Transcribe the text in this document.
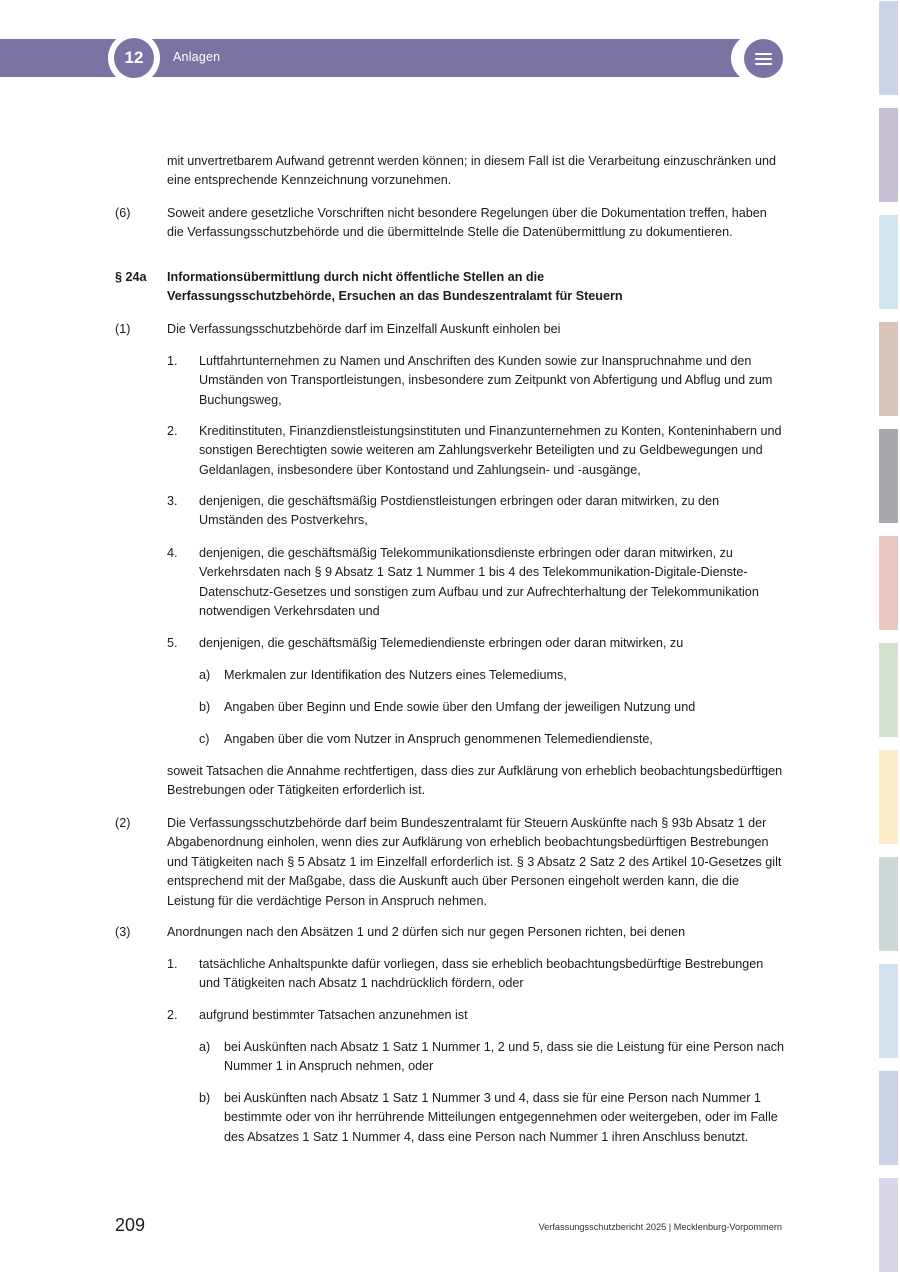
12	Anlagen
mit unvertretbarem Aufwand getrennt werden können; in diesem Fall ist die Verarbeitung einzuschränken und eine entsprechende Kennzeichnung vorzunehmen.
(6)	Soweit andere gesetzliche Vorschriften nicht besondere Regelungen über die Dokumentation treffen, haben die Verfassungsschutzbehörde und die übermittelnde Stelle die Datenübermittlung zu dokumentieren.
§ 24a Informationsübermittlung durch nicht öffentliche Stellen an die Verfassungsschutzbehörde, Ersuchen an das Bundeszentralamt für Steuern
(1)	Die Verfassungsschutzbehörde darf im Einzelfall Auskunft einholen bei
1. Luftfahrtunternehmen zu Namen und Anschriften des Kunden sowie zur Inanspruchnahme und den Umständen von Transportleistungen, insbesondere zum Zeitpunkt von Abfertigung und Abflug und zum Buchungsweg,
2. Kreditinstituten, Finanzdienstleistungsinstituten und Finanzunternehmen zu Konten, Konteninhabern und sonstigen Berechtigten sowie weiteren am Zahlungsverkehr Beteiligten und zu Geldbewegungen und Geldanlagen, insbesondere über Kontostand und Zahlungsein- und -ausgänge,
3. denjenigen, die geschäftsmäßig Postdienstleistungen erbringen oder daran mitwirken, zu den Umständen des Postverkehrs,
4. denjenigen, die geschäftsmäßig Telekommunikationsdienste erbringen oder daran mitwirken, zu Verkehrsdaten nach § 9 Absatz 1 Satz 1 Nummer 1 bis 4 des Telekommunikation-Digitale-Dienste-Datenschutz-Gesetzes und sonstigen zum Aufbau und zur Aufrechterhaltung der Telekommunikation notwendigen Verkehrsdaten und
5. denjenigen, die geschäftsmäßig Telemediendienste erbringen oder daran mitwirken, zu
a) Merkmalen zur Identifikation des Nutzers eines Telemediums,
b) Angaben über Beginn und Ende sowie über den Umfang der jeweiligen Nutzung und
c) Angaben über die vom Nutzer in Anspruch genommenen Telemediendienste,
soweit Tatsachen die Annahme rechtfertigen, dass dies zur Aufklärung von erheblich beobachtungsbedürftigen Bestrebungen oder Tätigkeiten erforderlich ist.
(2)	Die Verfassungsschutzbehörde darf beim Bundeszentralamt für Steuern Auskünfte nach § 93b Absatz 1 der Abgabenordnung einholen, wenn dies zur Aufklärung von erheblich beobachtungsbedürftigen Bestrebungen und Tätigkeiten nach § 5 Absatz 1 im Einzelfall erforderlich ist. § 3 Absatz 2 Satz 2 des Artikel 10-Gesetzes gilt entsprechend mit der Maßgabe, dass die Auskunft auch über Personen eingeholt werden kann, die die Leistung für die verdächtige Person in Anspruch nehmen.
(3)	Anordnungen nach den Absätzen 1 und 2 dürfen sich nur gegen Personen richten, bei denen
1. tatsächliche Anhaltspunkte dafür vorliegen, dass sie erheblich beobachtungsbedürftige Bestrebungen und Tätigkeiten nach Absatz 1 nachdrücklich fördern, oder
2. aufgrund bestimmter Tatsachen anzunehmen ist
a) bei Auskünften nach Absatz 1 Satz 1 Nummer 1, 2 und 5, dass sie die Leistung für eine Person nach Nummer 1 in Anspruch nehmen, oder
b) bei Auskünften nach Absatz 1 Satz 1 Nummer 3 und 4, dass sie für eine Person nach Nummer 1 bestimmte oder von ihr herrührende Mitteilungen entgegennehmen oder weitergeben, oder im Falle des Absatzes 1 Satz 1 Nummer 4, dass eine Person nach Nummer 1 ihren Anschluss benutzt.
209	Verfassungsschutzbericht 2025 | Mecklenburg-Vorpommern
